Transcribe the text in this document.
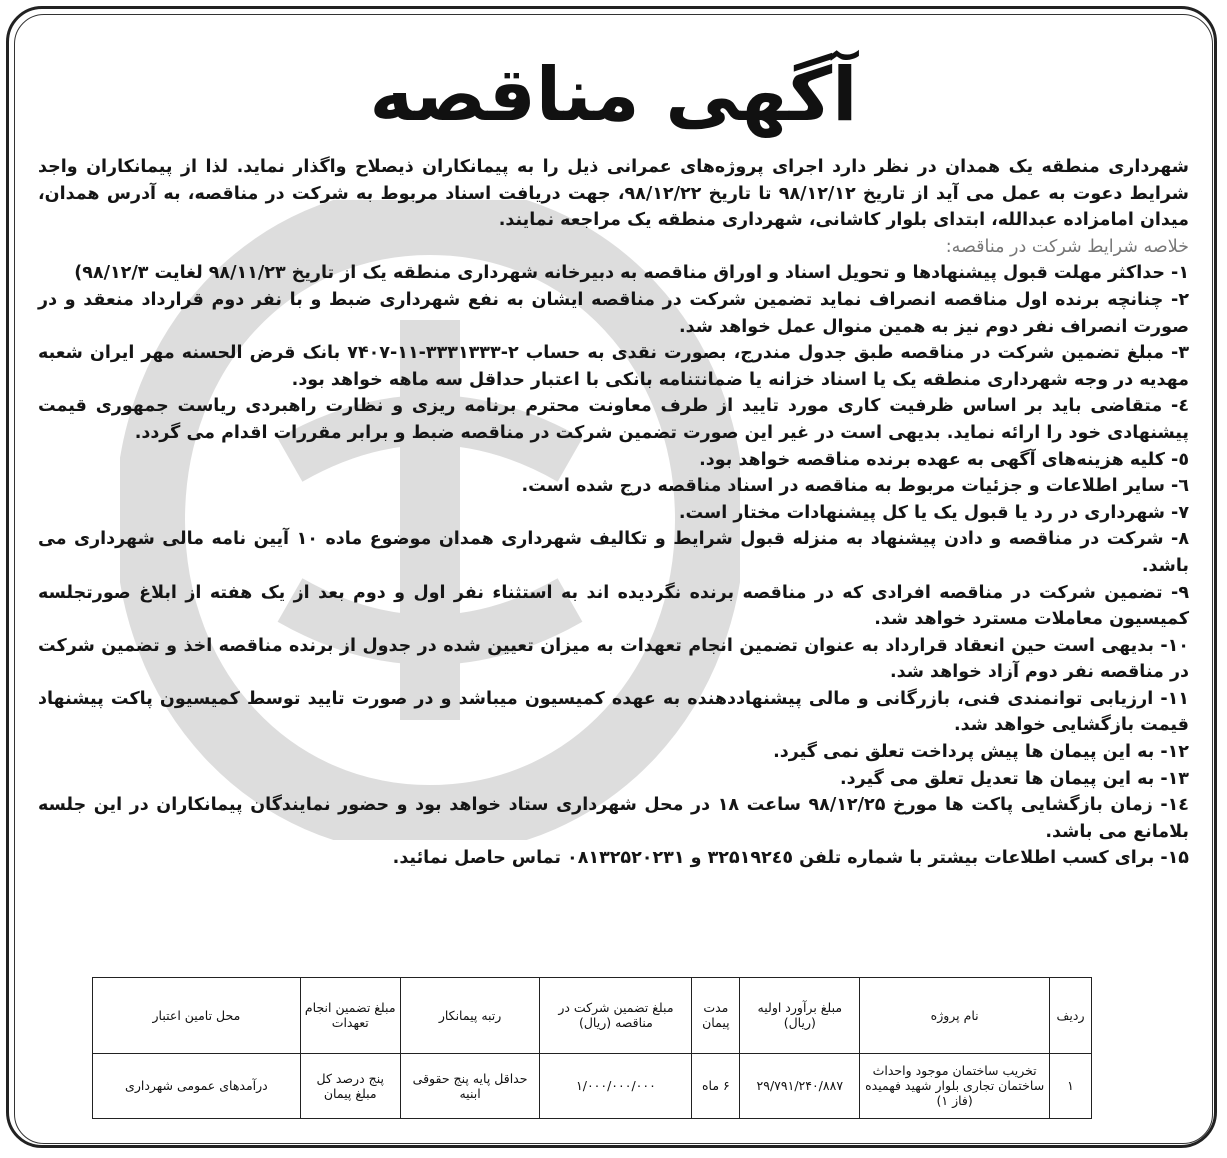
آگهی مناقصه

شهرداری منطقه یک همدان در نظر دارد اجرای پروژه‌های عمرانی ذیل را به پیمانکاران ذیصلاح واگذار نماید. لذا از پیمانکاران واجد شرایط دعوت به عمل می آید از تاریخ ۹۸/۱۲/۱۲ تا تاریخ ۹۸/۱۲/۲۲، جهت دریافت اسناد مربوط به شرکت در مناقصه، به آدرس همدان، میدان امامزاده عبدالله، ابتدای بلوار کاشانی، شهرداری منطقه یک مراجعه نمایند.

خلاصه شرایط شرکت در مناقصه:

۱- حداکثر مهلت قبول پیشنهادها و تحویل اسناد و اوراق مناقصه به دبیرخانه شهرداری منطقه یک از تاریخ ۹۸/۱۱/۲۳ لغایت ۹۸/۱۲/۳)

۲- چنانچه برنده اول مناقصه انصراف نماید تضمین شرکت در مناقصه ایشان به نفع شهرداری ضبط و با نفر دوم قرارداد منعقد و در صورت انصراف نفر دوم نیز به همین منوال عمل خواهد شد.

۳- مبلغ تضمین شرکت در مناقصه طبق جدول مندرج، بصورت نقدی به حساب ۲-۳۳۳۱۳۳۳-۱۱-۷۴۰۷ بانک قرض الحسنه مهر ایران شعبه مهدیه در وجه شهرداری منطقه یک یا اسناد خزانه یا ضمانتنامه بانکی با اعتبار حداقل سه ماهه خواهد بود.

٤- متقاضی باید بر اساس ظرفیت کاری مورد تایید از طرف معاونت محترم برنامه ریزی و نظارت راهبردی ریاست جمهوری قیمت پیشنهادی خود را ارائه نماید. بدیهی است در غیر این صورت تضمین شرکت در مناقصه ضبط و برابر مقررات اقدام می گردد.

٥- کلیه هزینه‌های آگهی به عهده برنده مناقصه خواهد بود.

٦- سایر اطلاعات و جزئیات مربوط به مناقصه در اسناد مناقصه درج شده است.

۷- شهرداری در رد یا قبول یک یا کل پیشنهادات مختار است.

۸- شرکت در مناقصه و دادن پیشنهاد به منزله قبول شرایط و تکالیف شهرداری همدان موضوع ماده ۱۰ آیین نامه مالی شهرداری می باشد.

۹- تضمین شرکت در مناقصه افرادی که در مناقصه برنده نگردیده اند به استثناء نفر اول و دوم بعد از یک هفته از ابلاغ صورتجلسه کمیسیون معاملات مسترد خواهد شد.

۱۰- بدیهی است حین انعقاد قرارداد به عنوان تضمین انجام تعهدات به میزان تعیین شده در جدول از برنده مناقصه اخذ و تضمین شرکت در مناقصه نفر دوم آزاد خواهد شد.

۱۱- ارزیابی توانمندی فنی، بازرگانی و مالی پیشنهاددهنده به عهده کمیسیون میباشد و در صورت تایید توسط کمیسیون پاکت پیشنهاد قیمت بازگشایی خواهد شد.

۱۲- به این پیمان ها پیش پرداخت تعلق نمی گیرد.

۱۳- به این پیمان ها تعدیل تعلق می گیرد.

١٤- زمان بازگشایی پاکت ها مورخ ۹۸/۱۲/۲۵ ساعت ۱۸ در محل شهرداری ستاد خواهد بود و حضور نمایندگان پیمانکاران در این جلسه بلامانع می باشد.

۱۵- برای کسب اطلاعات بیشتر با شماره تلفن ۳۲۵۱۹۲٤٥ و ۰۸۱۳۲۵۲۰۲۳۱ تماس حاصل نمائید.

ردیف	نام پروژه	مبلغ برآورد اولیه (ریال)	مدت پیمان	مبلغ تضمین شرکت در مناقصه (ریال)	رتبه پیمانکار	مبلغ تضمین انجام تعهدات	محل تامین اعتبار
۱	تخریب ساختمان موجود واحداث ساختمان تجاری بلوار شهید فهمیده (فاز ۱)	۲۹/۷۹۱/۲۴۰/۸۸۷	۶ ماه	۱/۰۰۰/۰۰۰/۰۰۰	حداقل پایه پنج حقوقی ابنیه	پنج درصد کل مبلغ پیمان	درآمدهای عمومی شهرداری
